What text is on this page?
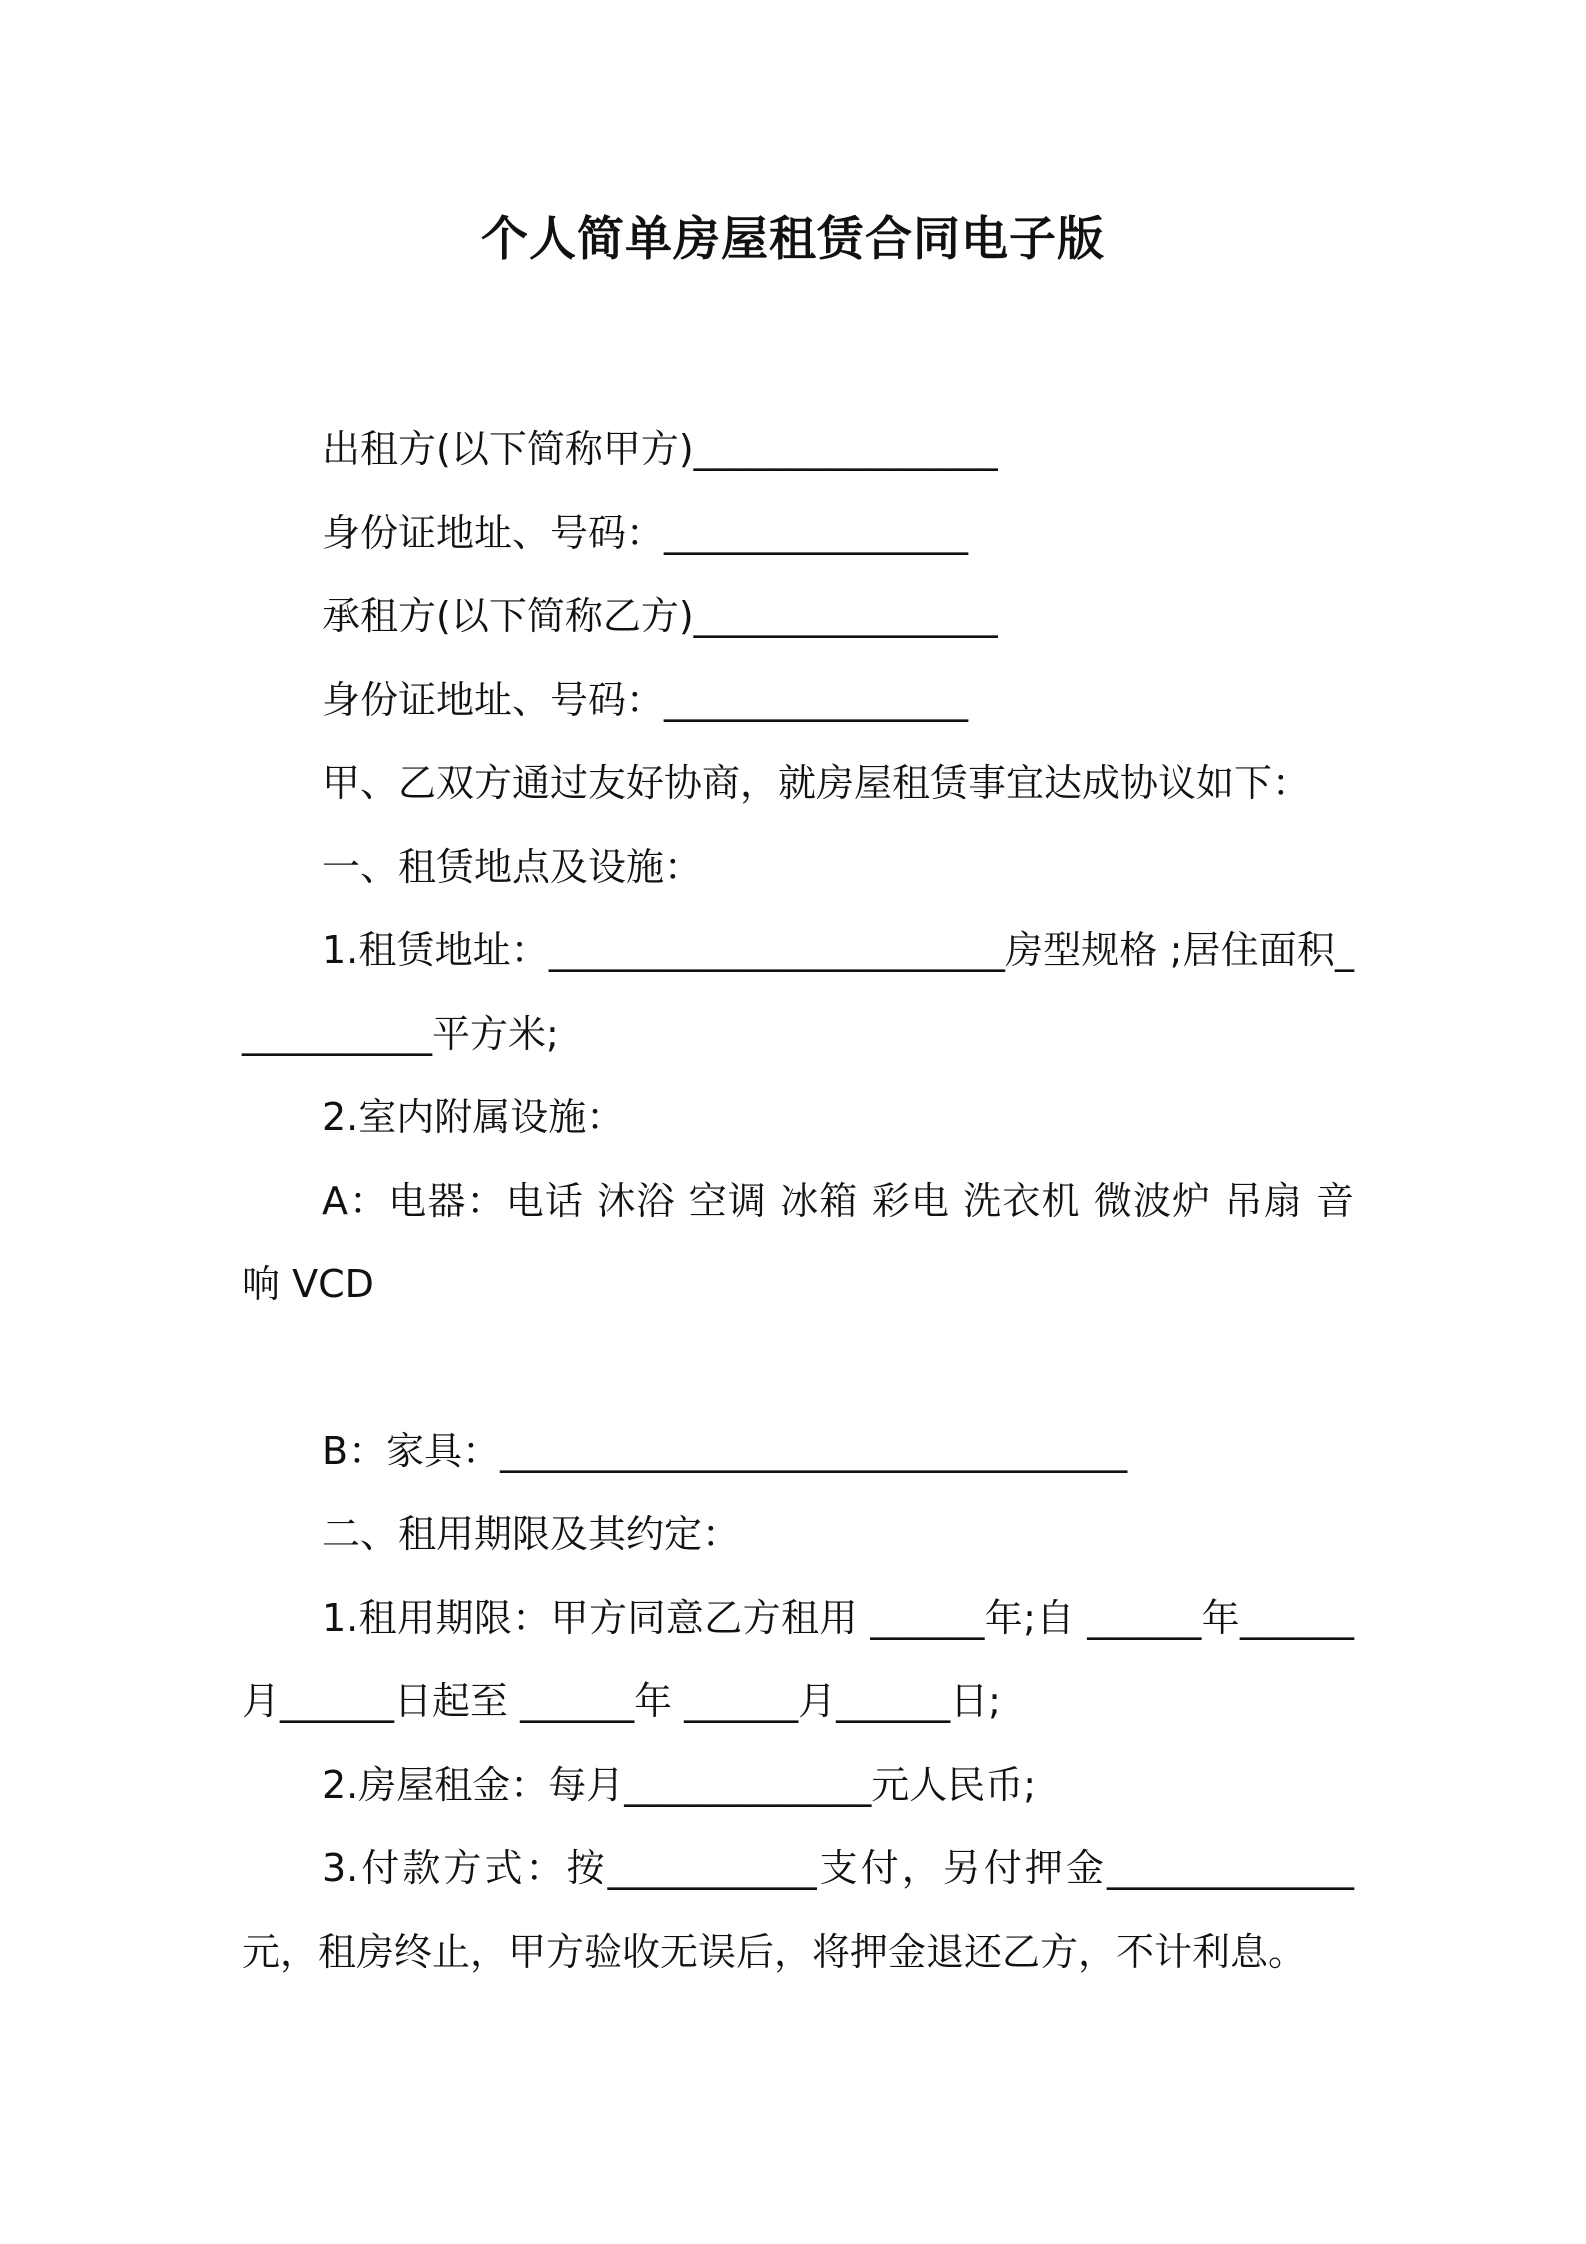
个人简单房屋租赁合同电子版

出租方(以下简称甲方)________________

身份证地址、号码：________________

承租方(以下简称乙方)________________

身份证地址、号码：________________

甲、乙双方通过友好协商，就房屋租赁事宜达成协议如下：

一、租赁地点及设施：

1.租赁地址：________________________房型规格 ;居住面积___________平方米;

2.室内附属设施：

A：电器：电话 沐浴 空调 冰箱 彩电 洗衣机 微波炉 吊扇 音响 VCD

B：家具：_________________________________

二、租用期限及其约定：

1.租用期限：甲方同意乙方租用 ______年;自 ______年______月______日起至 ______年 ______月______日;

2.房屋租金：每月_____________元人民币;

3.付款方式：按___________支付，另付押金_____________元，租房终止，甲方验收无误后，将押金退还乙方，不计利息。
